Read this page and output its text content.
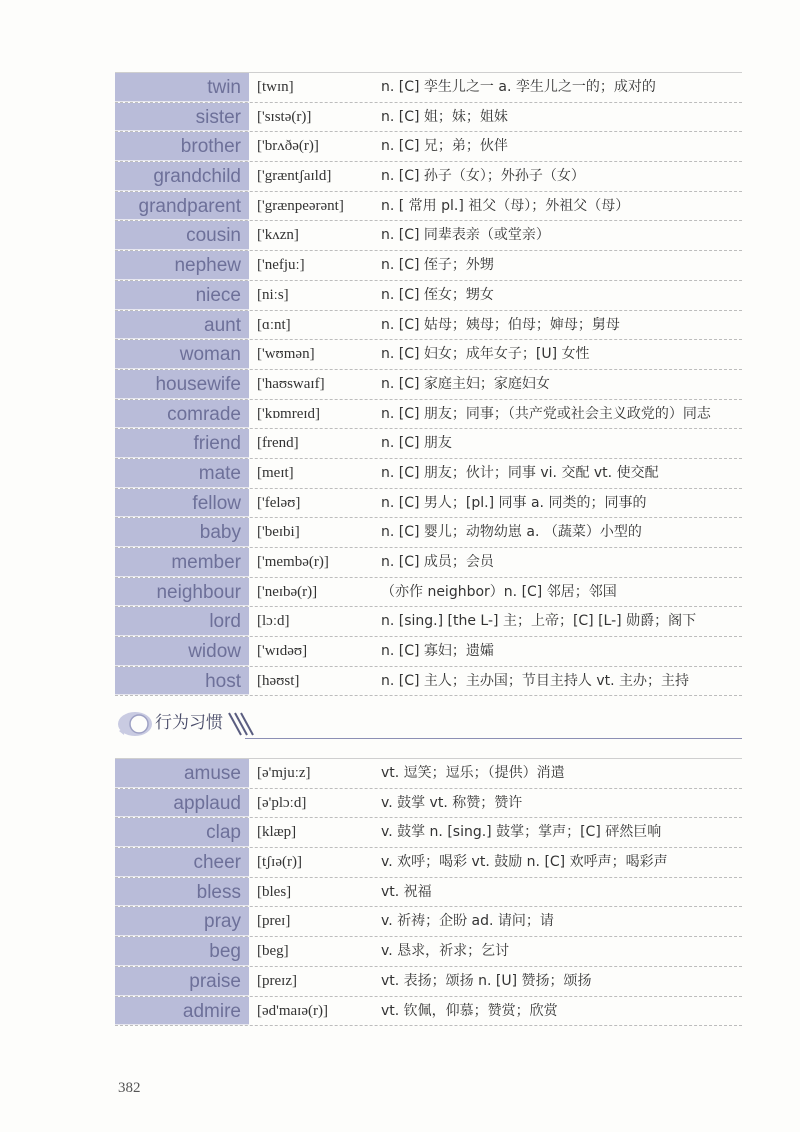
twin	[twɪn]	n. [C] 孪生儿之一 a. 孪生儿之一的；成对的
sister	['sɪstə(r)]	n. [C] 姐；妹；姐妹
brother	['brʌðə(r)]	n. [C] 兄；弟；伙伴
grandchild	['græntʃaɪld]	n. [C] 孙子（女）；外孙子（女）
grandparent	['grænpeərənt]	n. [ 常用 pl.] 祖父（母）；外祖父（母）
cousin	['kʌzn]	n. [C] 同辈表亲（或堂亲）
nephew	['nefjuː]	n. [C] 侄子；外甥
niece	[niːs]	n. [C] 侄女；甥女
aunt	[ɑːnt]	n. [C] 姑母；姨母；伯母；婶母；舅母
woman	['wʊmən]	n. [C] 妇女；成年女子；[U] 女性
housewife	['haʊswaɪf]	n. [C] 家庭主妇；家庭妇女
comrade	['kɒmreɪd]	n. [C] 朋友；同事；（共产党或社会主义政党的）同志
friend	[frend]	n. [C] 朋友
mate	[meɪt]	n. [C] 朋友；伙计；同事 vi. 交配 vt. 使交配
fellow	['feləʊ]	n. [C] 男人；[pl.] 同事 a. 同类的；同事的
baby	['beɪbi]	n. [C] 婴儿；动物幼崽 a. （蔬菜）小型的
member	['membə(r)]	n. [C] 成员；会员
neighbour	['neɪbə(r)]	（亦作 neighbor）n. [C] 邻居；邻国
lord	[lɔːd]	n. [sing.] [the L-] 主；上帝；[C] [L-] 勋爵；阁下
widow	['wɪdəʊ]	n. [C] 寡妇；遗孀
host	[həʊst]	n. [C] 主人；主办国；节目主持人 vt. 主办；主持
行为习惯
amuse	[ə'mjuːz]	vt. 逗笑；逗乐；（提供）消遣
applaud	[ə'plɔːd]	v. 鼓掌 vt. 称赞；赞许
clap	[klæp]	v. 鼓掌 n. [sing.] 鼓掌；掌声；[C] 砰然巨响
cheer	[tʃɪə(r)]	v. 欢呼；喝彩 vt. 鼓励 n. [C] 欢呼声；喝彩声
bless	[bles]	vt. 祝福
pray	[preɪ]	v. 祈祷；企盼 ad. 请问；请
beg	[beg]	v. 恳求，祈求；乞讨
praise	[preɪz]	vt. 表扬；颂扬 n. [U] 赞扬；颂扬
admire	[əd'maɪə(r)]	vt. 钦佩，仰慕；赞赏；欣赏
382
